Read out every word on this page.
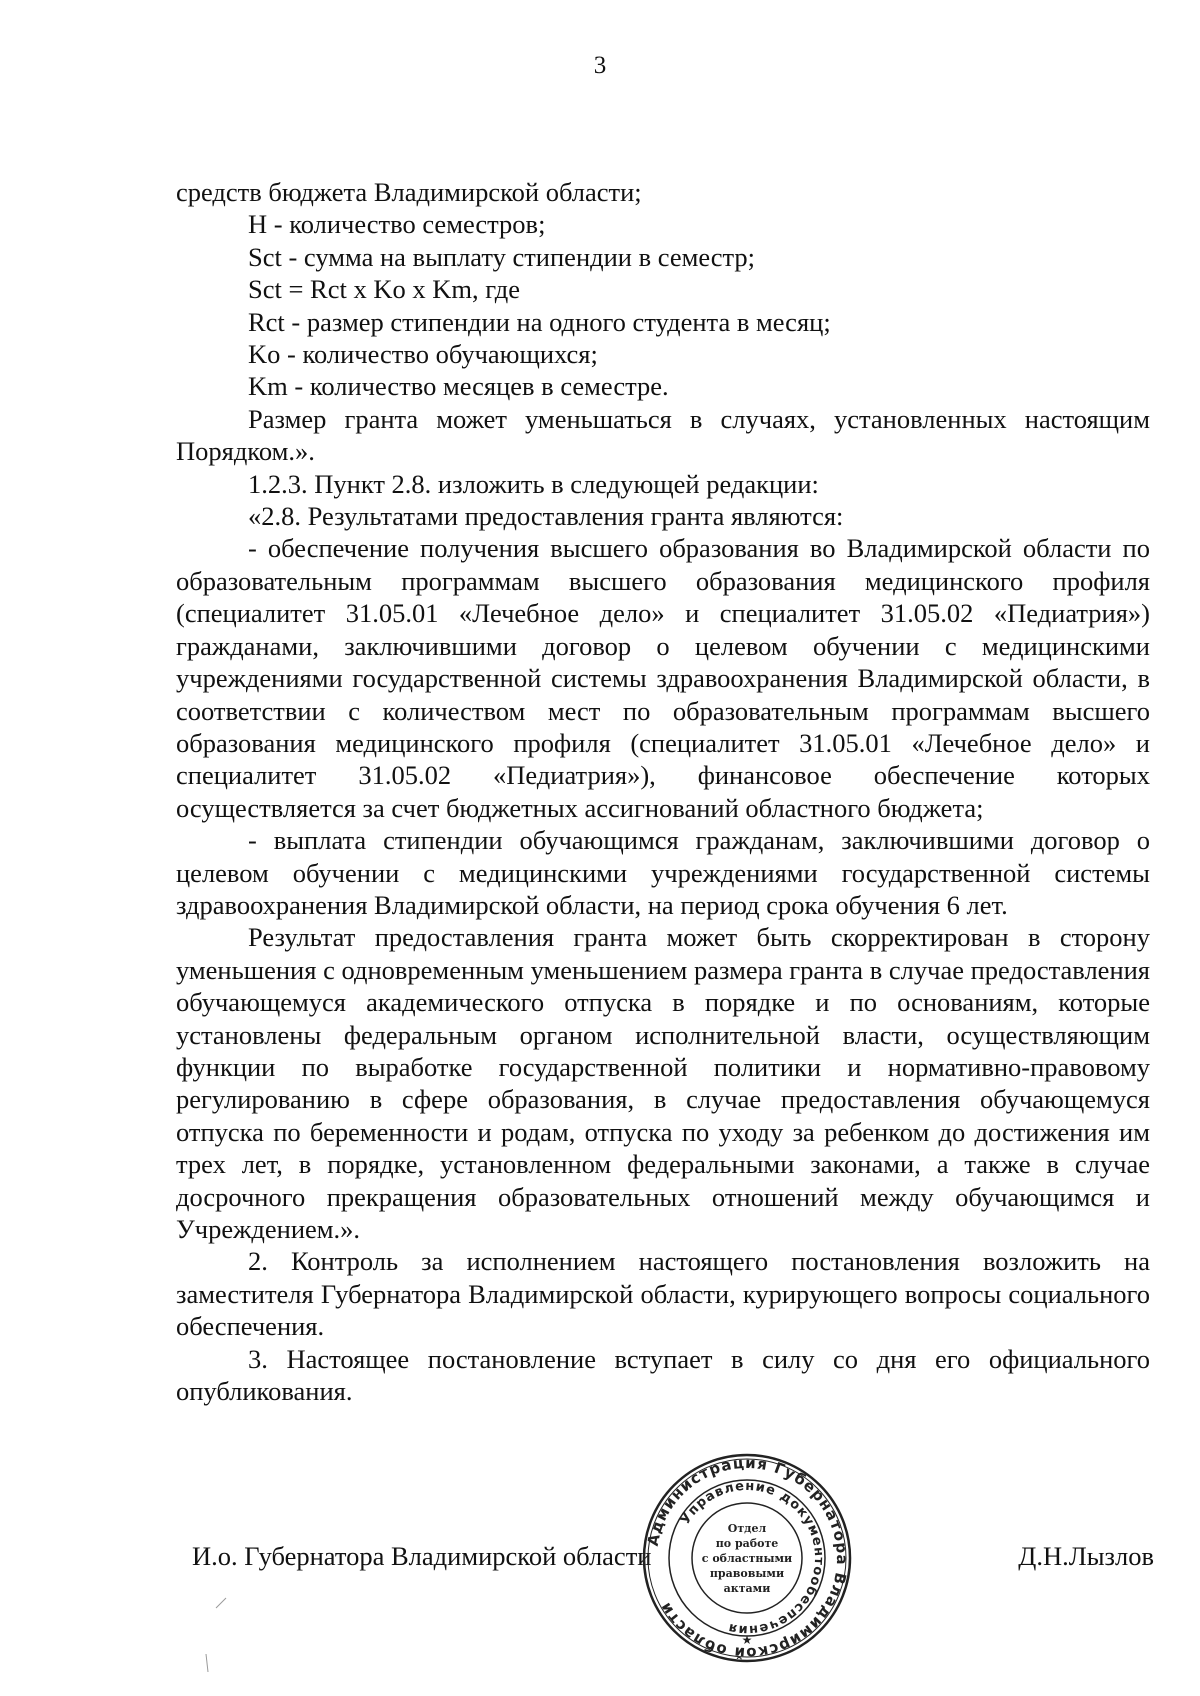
3

средств бюджета Владимирской области;

Н - количество семестров;

Sct - сумма на выплату стипендии в семестр;

Sct = Rct x Ko x Km, где

Rct - размер стипендии на одного студента в месяц;

Ko - количество обучающихся;

Km - количество месяцев в семестре.

Размер гранта может уменьшаться в случаях, установленных настоящим Порядком.».

1.2.3. Пункт 2.8. изложить в следующей редакции:

«2.8. Результатами предоставления гранта являются:

- обеспечение получения высшего образования во Владимирской области по образовательным программам высшего образования медицинского профиля (специалитет 31.05.01 «Лечебное дело» и специалитет 31.05.02 «Педиатрия») гражданами, заключившими договор о целевом обучении с медицинскими учреждениями государственной системы здравоохранения Владимирской области, в соответствии с количеством мест по образовательным программам высшего образования медицинского профиля (специалитет 31.05.01 «Лечебное дело» и специалитет 31.05.02 «Педиатрия»), финансовое обеспечение которых осуществляется за счет бюджетных ассигнований областного бюджета;

- выплата стипендии обучающимся гражданам, заключившими договор о целевом обучении с медицинскими учреждениями государственной системы здравоохранения Владимирской области, на период срока обучения 6 лет.

Результат предоставления гранта может быть скорректирован в сторону уменьшения с одновременным уменьшением размера гранта в случае предоставления обучающемуся академического отпуска в порядке и по основаниям, которые установлены федеральным органом исполнительной власти, осуществляющим функции по выработке государственной политики и нормативно-правовому регулированию в сфере образования, в случае предоставления обучающемуся отпуска по беременности и родам, отпуска по уходу за ребенком до достижения им трех лет, в порядке, установленном федеральными законами, а также в случае досрочного прекращения образовательных отношений между обучающимся и Учреждением.».

2. Контроль за исполнением настоящего постановления возложить на заместителя Губернатора Владимирской области, курирующего вопросы социального обеспечения.

3. Настоящее постановление вступает в силу со дня его официального опубликования.

И.о. Губернатора Владимирской области	Д.Н.Лызлов
Администрация Губернатора Владимирской области
Управление документообеспечения
Отдел
по работе
с областными
правовыми
актами
★
